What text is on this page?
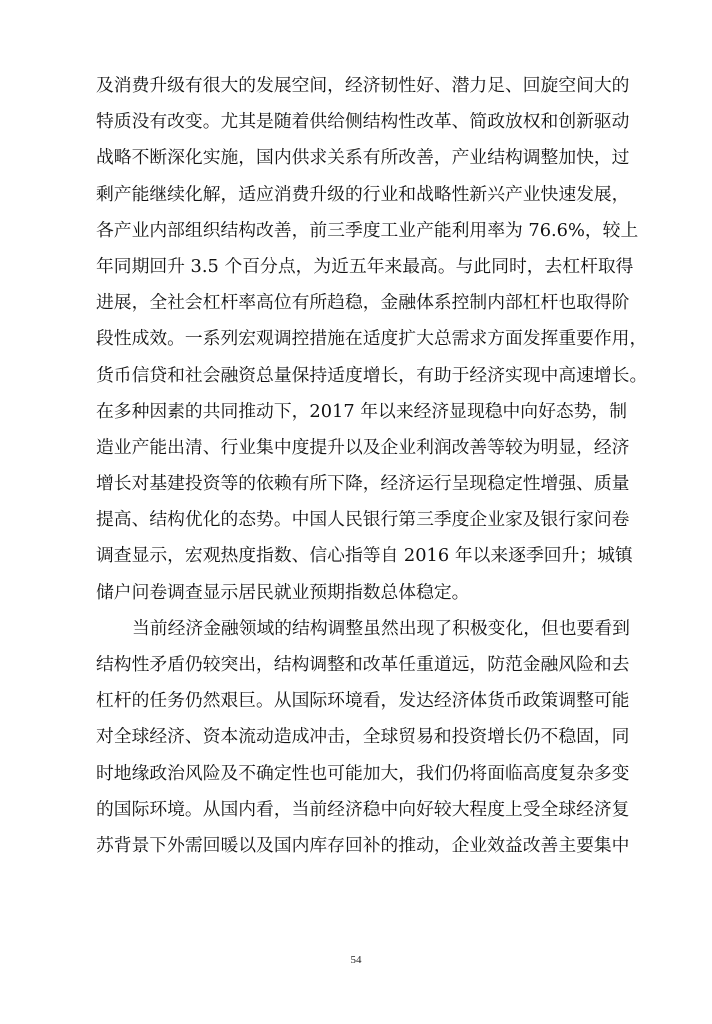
及消费升级有很大的发展空间，经济韧性好、潜力足、回旋空间大的
特质没有改变。尤其是随着供给侧结构性改革、简政放权和创新驱动
战略不断深化实施，国内供求关系有所改善，产业结构调整加快，过
剩产能继续化解，适应消费升级的行业和战略性新兴产业快速发展，
各产业内部组织结构改善，前三季度工业产能利用率为 76.6%，较上
年同期回升 3.5 个百分点，为近五年来最高。与此同时，去杠杆取得
进展，全社会杠杆率高位有所趋稳，金融体系控制内部杠杆也取得阶
段性成效。一系列宏观调控措施在适度扩大总需求方面发挥重要作用，
货币信贷和社会融资总量保持适度增长，有助于经济实现中高速增长。
在多种因素的共同推动下，2017 年以来经济显现稳中向好态势，制
造业产能出清、行业集中度提升以及企业利润改善等较为明显，经济
增长对基建投资等的依赖有所下降，经济运行呈现稳定性增强、质量
提高、结构优化的态势。中国人民银行第三季度企业家及银行家问卷
调查显示，宏观热度指数、信心指等自 2016 年以来逐季回升；城镇
储户问卷调查显示居民就业预期指数总体稳定。
当前经济金融领域的结构调整虽然出现了积极变化，但也要看到
结构性矛盾仍较突出，结构调整和改革任重道远，防范金融风险和去
杠杆的任务仍然艰巨。从国际环境看，发达经济体货币政策调整可能
对全球经济、资本流动造成冲击，全球贸易和投资增长仍不稳固，同
时地缘政治风险及不确定性也可能加大，我们仍将面临高度复杂多变
的国际环境。从国内看，当前经济稳中向好较大程度上受全球经济复
苏背景下外需回暖以及国内库存回补的推动，企业效益改善主要集中
54
